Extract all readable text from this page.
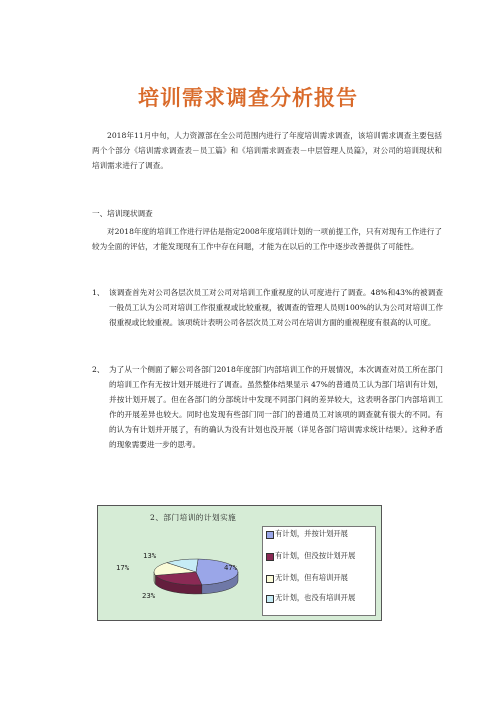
培训需求调查分析报告
2018年11月中旬，人力资源部在全公司范围内进行了年度培训需求调查，该培训需求调查主要包括两个个部分《培训需求调查表－员工篇》和《培训需求调查表－中层管理人员篇》，对公司的培训现状和培训需求进行了调查。
一、培训现状调查
对2018年度的培训工作进行评估是指定2008年度培训计划的一项前提工作，只有对现有工作进行了较为全面的评估，才能发现现有工作中存在问题，才能为在以后的工作中逐步改善提供了可能性。
1、 该调查首先对公司各层次员工对公司对培训工作重视度的认可度进行了调查。48%和43%的被调查一般员工认为公司对培训工作很重视或比较重视，被调查的管理人员则100%的认为公司对培训工作很重视或比较重视。该项统计表明公司各层次员工对公司在培训方面的重视程度有很高的认可度。
2、 为了从一个侧面了解公司各部门2018年度部门内部培训工作的开展情况，本次调查对员工所在部门的培训工作有无按计划开展进行了调查。虽然整体结果显示 47%的普通员工认为部门培训有计划，并按计划开展了。但在各部门的分部统计中发现不同部门间的差异较大，这表明各部门内部培训工作的开展差异也较大。同时也发现有些部门同一部门的普通员工对该项的调查就有很大的不同。有的认为有计划并开展了，有的确认为没有计划也没开展（详见各部门培训需求统计结果）。这种矛盾的现象需要进一步的思考。
2、部门培训的计划实施
47%
23%
17%
13%
有计划，并按计划开展
有计划，但没按计划开展
无计划，但有培训开展
无计划，也没有培训开展
